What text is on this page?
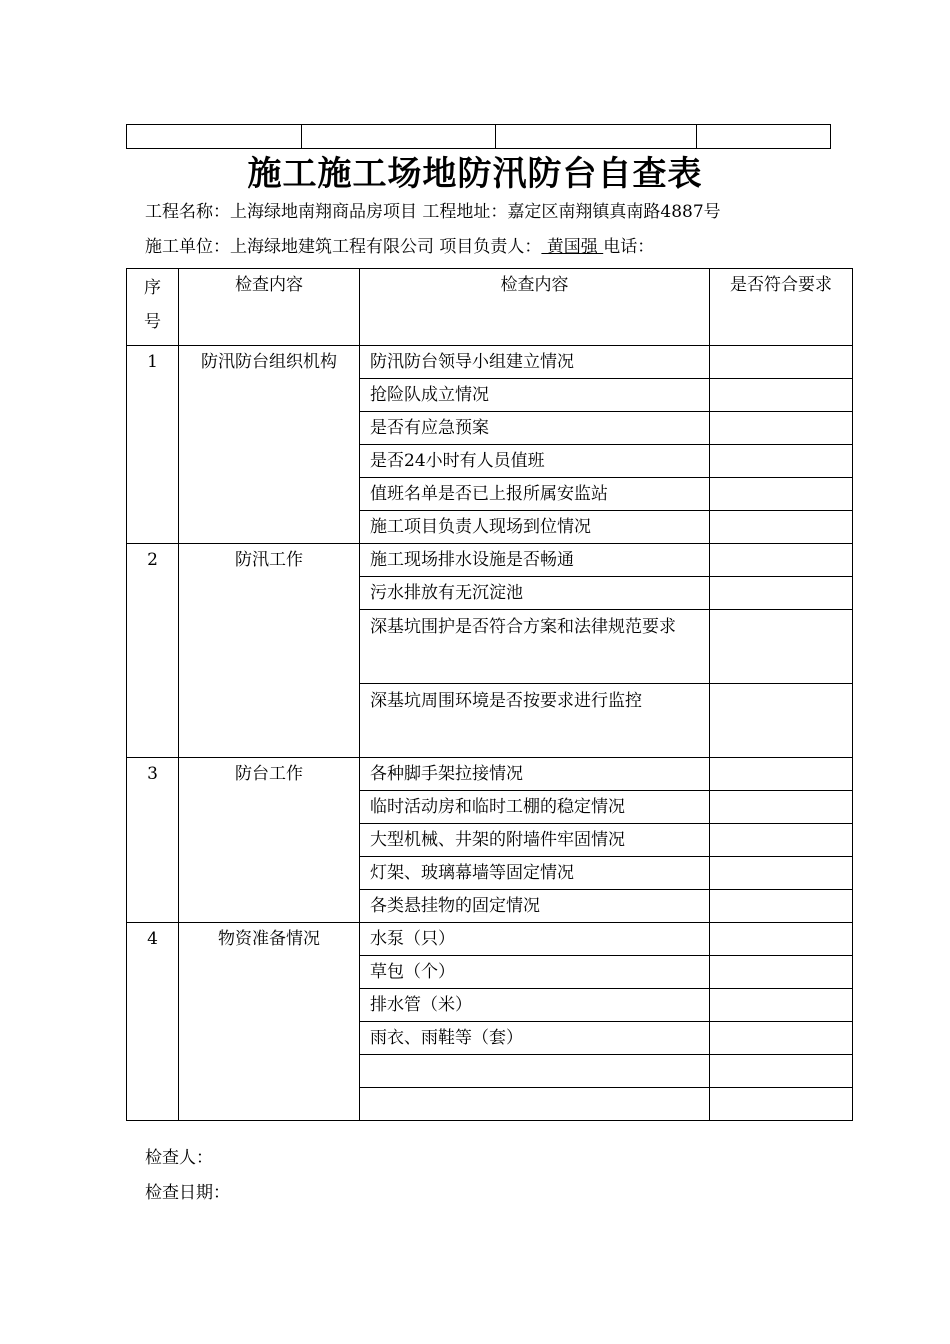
施工施工场地防汛防台自查表
工程名称：上海绿地南翔商品房项目 工程地址：嘉定区南翔镇真南路4887号
施工单位：上海绿地建筑工程有限公司 项目负责人： 黄国强 电话：
序号	检查内容	检查内容	是否符合要求
1	防汛防台组织机构	防汛防台领导小组建立情况	
		抢险队成立情况	
		是否有应急预案	
		是否24小时有人员值班	
		值班名单是否已上报所属安监站	
		施工项目负责人现场到位情况	
2	防汛工作	施工现场排水设施是否畅通	
		污水排放有无沉淀池	
		深基坑围护是否符合方案和法律规范要求	
		深基坑周围环境是否按要求进行监控	
3	防台工作	各种脚手架拉接情况	
		临时活动房和临时工棚的稳定情况	
		大型机械、井架的附墙件牢固情况	
		灯架、玻璃幕墙等固定情况	
		各类悬挂物的固定情况	
4	物资准备情况	水泵（只）	
		草包（个）	
		排水管（米）	
		雨衣、雨鞋等（套）	

检查人：
检查日期：
